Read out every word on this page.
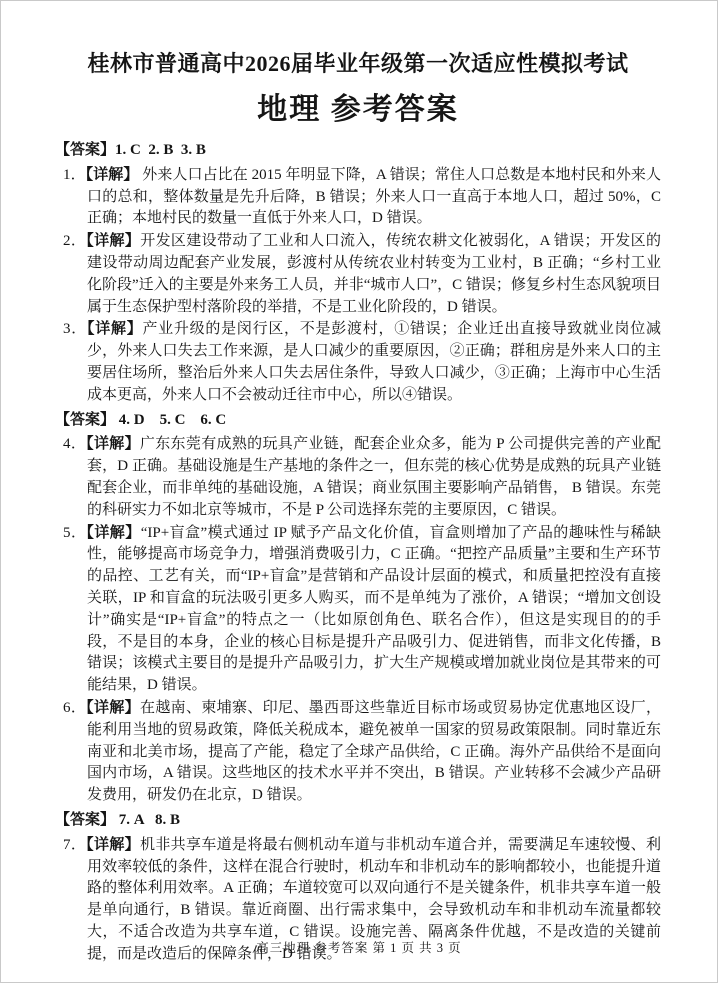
桂林市普通高中2026届毕业年级第一次适应性模拟考试
地理 参考答案

【答案】1. C  2. B  3. B

1．【详解】 外来人口占比在 2015 年明显下降，A 错误；常住人口总数是本地村民和外来人口的总和，整体数量是先升后降，B 错误；外来人口一直高于本地人口，超过 50%，C 正确；本地村民的数量一直低于外来人口，D 错误。

2．【详解】开发区建设带动了工业和人口流入，传统农耕文化被弱化，A 错误；开发区的建设带动周边配套产业发展，彭渡村从传统农业村转变为工业村，B 正确；“乡村工业化阶段”迁入的主要是外来务工人员，并非“城市人口”，C 错误；修复乡村生态风貌项目属于生态保护型村落阶段的举措，不是工业化阶段的，D 错误。

3．【详解】产业升级的是闵行区，不是彭渡村，①错误；企业迁出直接导致就业岗位减少，外来人口失去工作来源，是人口减少的重要原因，②正确；群租房是外来人口的主要居住场所，整治后外来人口失去居住条件，导致人口减少，③正确；上海市中心生活成本更高，外来人口不会被动迁往市中心，所以④错误。

【答案】 4. D    5. C    6. C

4．【详解】广东东莞有成熟的玩具产业链，配套企业众多，能为 P 公司提供完善的产业配套，D 正确。基础设施是生产基地的条件之一，但东莞的核心优势是成熟的玩具产业链配套企业，而非单纯的基础设施，A 错误；商业氛围主要影响产品销售， B 错误。东莞的科研实力不如北京等城市，不是 P 公司选择东莞的主要原因，C 错误。

5．【详解】“IP+盲盒”模式通过 IP 赋予产品文化价值，盲盒则增加了产品的趣味性与稀缺性，能够提高市场竞争力，增强消费吸引力，C 正确。“把控产品质量”主要和生产环节的品控、工艺有关，而“IP+盲盒”是营销和产品设计层面的模式，和质量把控没有直接关联，IP 和盲盒的玩法吸引更多人购买，而不是单纯为了涨价，A 错误；“增加文创设计”确实是“IP+盲盒”的特点之一（比如原创角色、联名合作），但这是实现目的的手段，不是目的本身，企业的核心目标是提升产品吸引力、促进销售，而非文化传播，B 错误；该模式主要目的是提升产品吸引力，扩大生产规模或增加就业岗位是其带来的可能结果，D 错误。

6．【详解】在越南、柬埔寨、印尼、墨西哥这些靠近目标市场或贸易协定优惠地区设厂，能利用当地的贸易政策，降低关税成本，避免被单一国家的贸易政策限制。同时靠近东南亚和北美市场，提高了产能，稳定了全球产品供给，C 正确。海外产品供给不是面向国内市场，A 错误。这些地区的技术水平并不突出，B 错误。产业转移不会减少产品研发费用，研发仍在北京，D 错误。

【答案】 7. A   8. B

7．【详解】机非共享车道是将最右侧机动车道与非机动车道合并，需要满足车速较慢、利用效率较低的条件，这样在混合行驶时，机动车和非机动车的影响都较小，也能提升道路的整体利用效率。A 正确；车道较宽可以双向通行不是关键条件，机非共享车道一般是单向通行，B 错误。靠近商圈、出行需求集中，会导致机动车和非机动车流量都较大，不适合改造为共享车道，C 错误。设施完善、隔离条件优越，不是改造的关键前提，而是改造后的保障条件，D 错误。

高三地理 参考答案 第 1 页 共 3 页
